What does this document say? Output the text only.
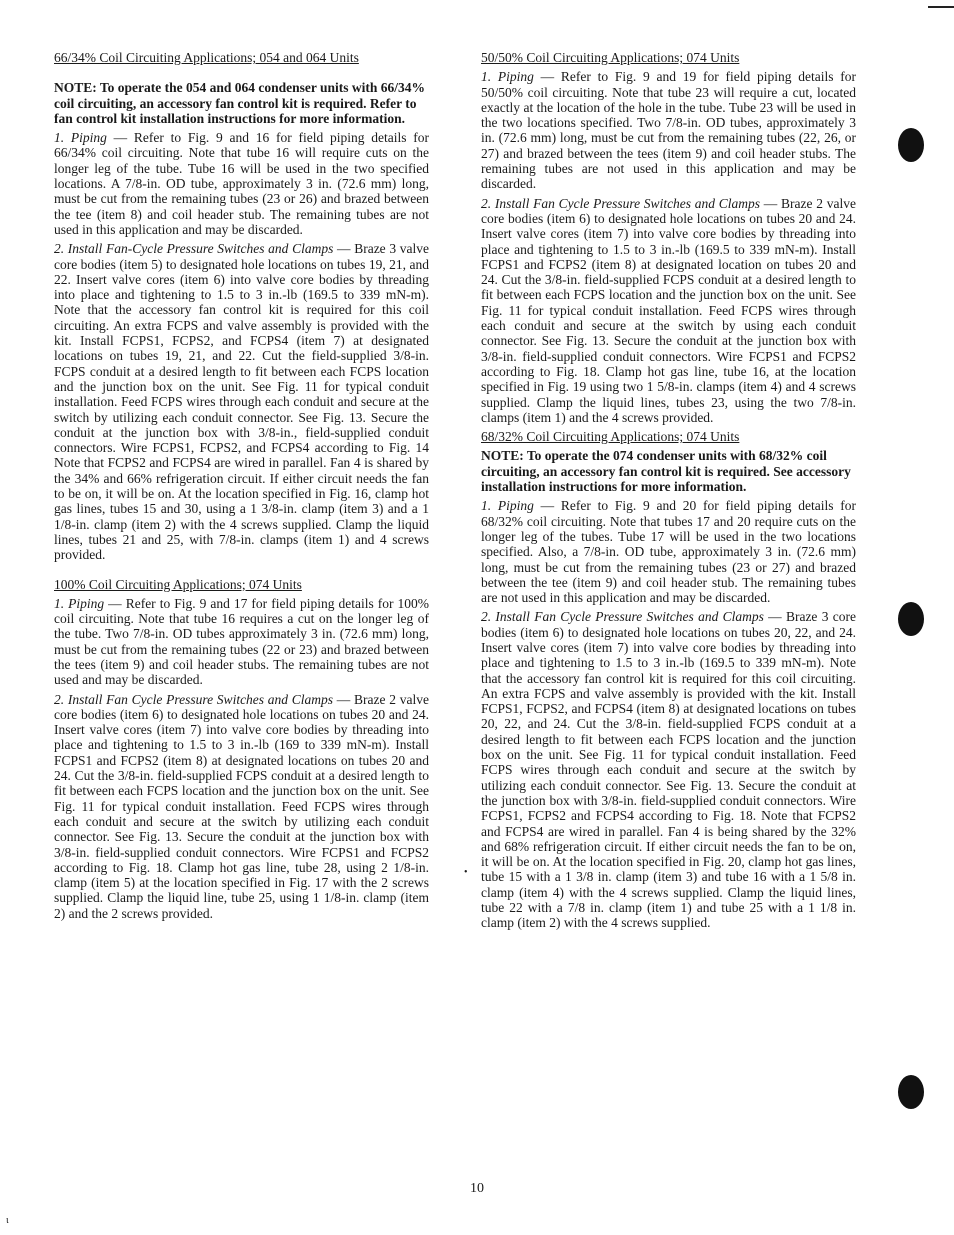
66/34% Coil Circuiting Applications; 054 and 064 Units
NOTE: To operate the 054 and 064 condenser units with 66/34% coil circuiting, an accessory fan control kit is required. Refer to fan control kit installation instructions for more information.

1. Piping — Refer to Fig. 9 and 16 for field piping details for 66/34% coil circuiting. Note that tube 16 will require cuts on the longer leg of the tube. Tube 16 will be used in the two specified locations. A 7/8-in. OD tube, approximately 3 in. (72.6 mm) long, must be cut from the remaining tubes (23 or 26) and brazed between the tee (item 8) and coil header stub. The remaining tubes are not used in this application and may be discarded.

2. Install Fan-Cycle Pressure Switches and Clamps — Braze 3 valve core bodies (item 5) to designated hole locations on tubes 19, 21, and 22. Insert valve cores (item 6) into valve core bodies by threading into place and tightening to 1.5 to 3 in.-lb (169.5 to 339 mN-m). Note that the accessory fan control kit is required for this coil circuiting. An extra FCPS and valve assembly is provided with the kit. Install FCPS1, FCPS2, and FCPS4 (item 7) at designated locations on tubes 19, 21, and 22. Cut the field-supplied 3/8-in. FCPS conduit at a desired length to fit between each FCPS location and the junction box on the unit. See Fig. 11 for typical conduit installation. Feed FCPS wires through each conduit and secure at the switch by utilizing each conduit connector. See Fig. 13. Secure the conduit at the junction box with 3/8-in., field-supplied conduit connectors. Wire FCPS1, FCPS2, and FCPS4 according to Fig. 14 Note that FCPS2 and FCPS4 are wired in parallel. Fan 4 is shared by the 34% and 66% refrigeration circuit. If either circuit needs the fan to be on, it will be on. At the location specified in Fig. 16, clamp hot gas lines, tubes 15 and 30, using a 1 3/8-in. clamp (item 3) and a 1 1/8-in. clamp (item 2) with the 4 screws supplied. Clamp the liquid lines, tubes 21 and 25, with 7/8-in. clamps (item 1) and 4 screws provided.

100% Coil Circuiting Applications; 074 Units

1. Piping — Refer to Fig. 9 and 17 for field piping details for 100% coil circuiting. Note that tube 16 requires a cut on the longer leg of the tube. Two 7/8-in. OD tubes approximately 3 in. (72.6 mm) long, must be cut from the remaining tubes (22 or 23) and brazed between the tees (item 9) and coil header stubs. The remaining tubes are not used and may be discarded.

2. Install Fan Cycle Pressure Switches and Clamps — Braze 2 valve core bodies (item 6) to designated hole locations on tubes 20 and 24. Insert valve cores (item 7) into valve core bodies by threading into place and tightening to 1.5 to 3 in.-lb (169 to 339 mN-m). Install FCPS1 and FCPS2 (item 8) at designated locations on tubes 20 and 24. Cut the 3/8-in. field-supplied FCPS conduit at a desired length to fit between each FCPS location and the junction box on the unit. See Fig. 11 for typical conduit installation. Feed FCPS wires through each conduit and secure at the switch by utilizing each conduit connector. See Fig. 13. Secure the conduit at the junction box with 3/8-in. field-supplied conduit connectors. Wire FCPS1 and FCPS2 according to Fig. 18. Clamp hot gas line, tube 28, using 2 1/8-in. clamp (item 5) at the location specified in Fig. 17 with the 2 screws supplied. Clamp the liquid line, tube 25, using 1 1/8-in. clamp (item 2) and the 2 screws provided.

50/50% Coil Circuiting Applications; 074 Units

1. Piping — Refer to Fig. 9 and 19 for field piping details for 50/50% coil circuiting. Note that tube 23 will require a cut, located exactly at the location of the hole in the tube. Tube 23 will be used in the two locations specified. Two 7/8-in. OD tubes, approximately 3 in. (72.6 mm) long, must be cut from the remaining tubes (22, 26, or 27) and brazed between the tees (item 9) and coil header stubs. The remaining tubes are not used in this application and may be discarded.

2. Install Fan Cycle Pressure Switches and Clamps — Braze 2 valve core bodies (item 6) to designated hole locations on tubes 20 and 24. Insert valve cores (item 7) into valve core bodies by threading into place and tightening to 1.5 to 3 in.-lb (169.5 to 339 mN-m). Install FCPS1 and FCPS2 (item 8) at designated location on tubes 20 and 24. Cut the 3/8-in. field-supplied FCPS conduit at a desired length to fit between each FCPS location and the junction box on the unit. See Fig. 11 for typical conduit installation. Feed FCPS wires through each conduit and secure at the switch by using each conduit connector. See Fig. 13. Secure the conduit at the junction box with 3/8-in. field-supplied conduit connectors. Wire FCPS1 and FCPS2 according to Fig. 18. Clamp hot gas line, tube 16, at the location specified in Fig. 19 using two 1 5/8-in. clamps (item 4) and 4 screws supplied. Clamp the liquid lines, tubes 23, using the two 7/8-in. clamps (item 1) and the 4 screws provided.

68/32% Coil Circuiting Applications; 074 Units
NOTE: To operate the 074 condenser units with 68/32% coil circuiting, an accessory fan control kit is required. See accessory installation instructions for more information.

1. Piping — Refer to Fig. 9 and 20 for field piping details for 68/32% coil circuiting. Note that tubes 17 and 20 require cuts on the longer leg of the tubes. Tube 17 will be used in the two locations specified. Also, a 7/8-in. OD tube, approximately 3 in. (72.6 mm) long, must be cut from the remaining tubes (23 or 27) and brazed between the tee (item 9) and coil header stub. The remaining tubes are not used in this application and may be discarded.

2. Install Fan Cycle Pressure Switches and Clamps — Braze 3 core bodies (item 6) to designated hole locations on tubes 20, 22, and 24. Insert valve cores (item 7) into valve core bodies by threading into place and tightening to 1.5 to 3 in.-lb (169.5 to 339 mN-m). Note that the accessory fan control kit is required for this coil circuiting. An extra FCPS and valve assembly is provided with the kit. Install FCPS1, FCPS2, and FCPS4 (item 8) at designated locations on tubes 20, 22, and 24. Cut the 3/8-in. field-supplied FCPS conduit at a desired length to fit between each FCPS location and the junction box on the unit. See Fig. 11 for typical conduit installation. Feed FCPS wires through each conduit and secure at the switch by utilizing each conduit connector. See Fig. 13. Secure the conduit at the junction box with 3/8-in. field-supplied conduit connectors. Wire FCPS1, FCPS2 and FCPS4 according to Fig. 18. Note that FCPS2 and FCPS4 are wired in parallel. Fan 4 is being shared by the 32% and 68% refrigeration circuit. If either circuit needs the fan to be on, it will be on. At the location specified in Fig. 20, clamp hot gas lines, tube 15 with a 1 3/8 in. clamp (item 3) and tube 16 with a 1 5/8 in. clamp (item 4) with the 4 screws supplied. Clamp the liquid lines, tube 22 with a 7/8 in. clamp (item 1) and tube 25 with a 1 1/8 in. clamp (item 2) with the 4 screws supplied.

•
ι
10
